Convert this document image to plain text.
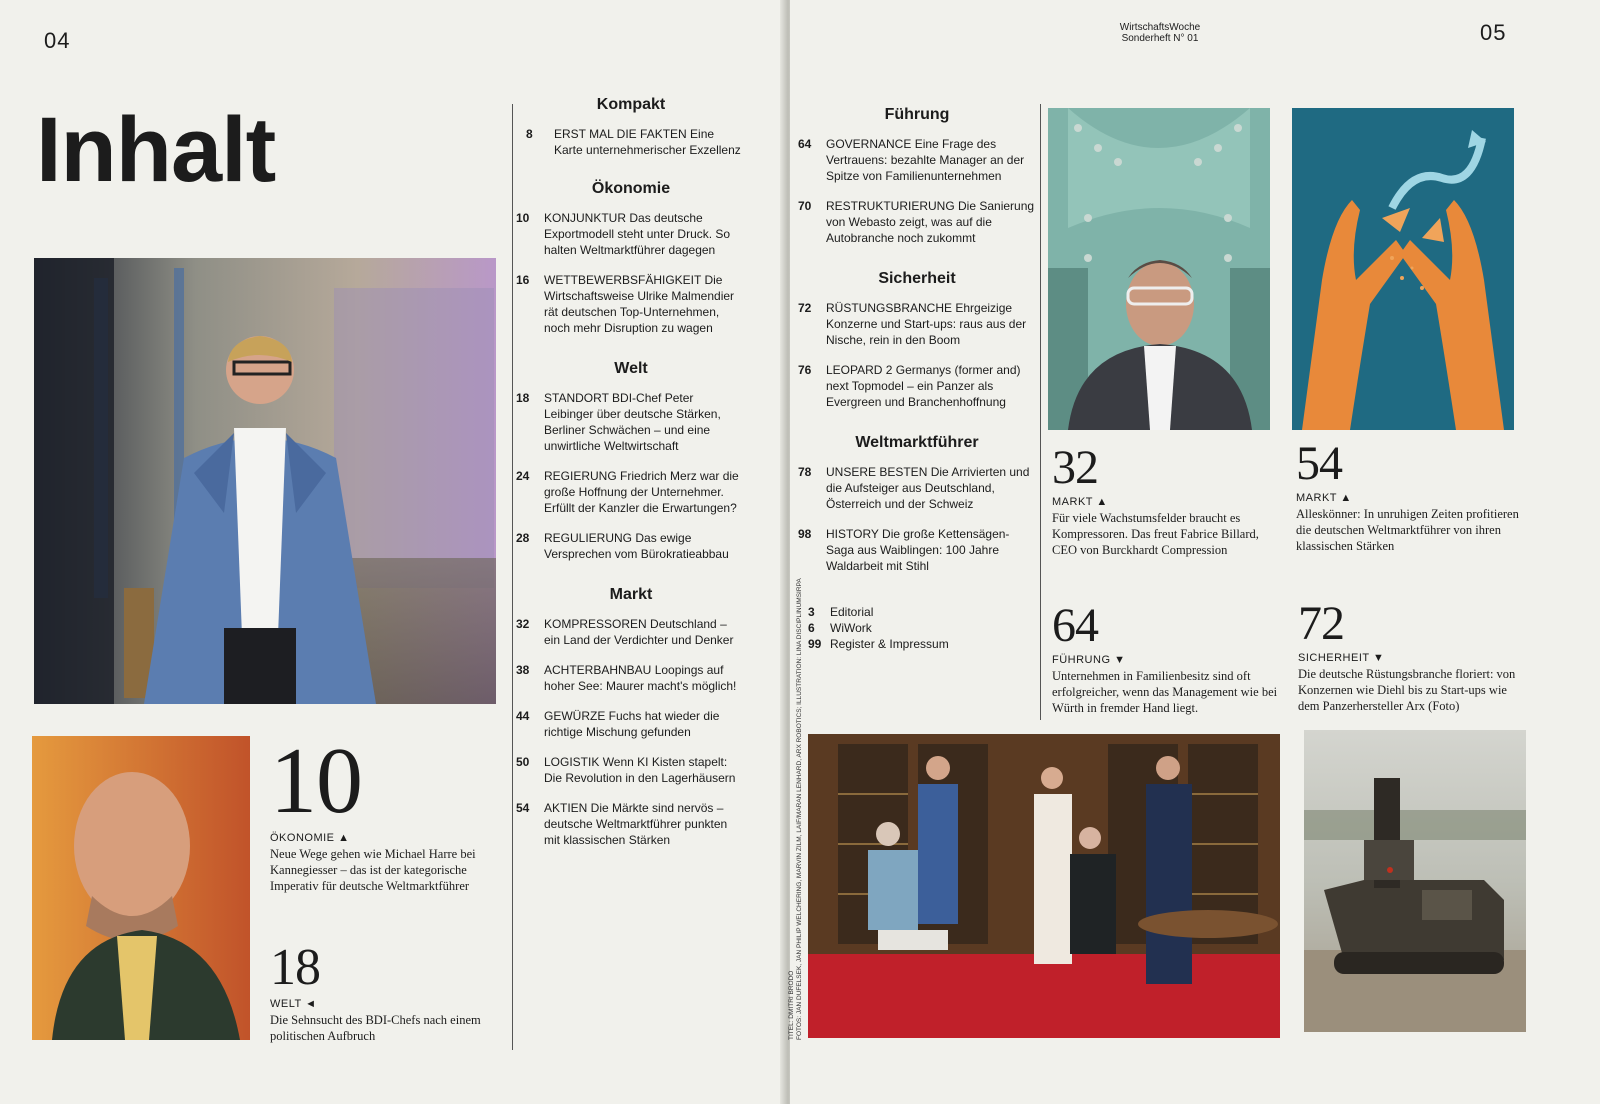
04
Inhalt
10
ÖKONOMIE ▲
Neue Wege gehen wie Michael Harre bei Kannegiesser – das ist der kategorische Imperativ für deutsche Weltmarktführer
18
WELT ◄
Die Sehnsucht des BDI-Chefs nach einem politischen Aufbruch
Kompakt
8	ERST MAL DIE FAKTEN Eine Karte unternehmerischer Exzellenz
Ökonomie
10	KONJUNKTUR Das deutsche Exportmodell steht unter Druck. So halten Weltmarktführer dagegen
16	WETTBEWERBSFÄHIGKEIT Die Wirtschaftsweise Ulrike Malmendier rät deutschen Top-Unternehmen, noch mehr Disruption zu wagen
Welt
18	STANDORT BDI-Chef Peter Leibinger über deutsche Stärken, Berliner Schwächen – und eine unwirtliche Weltwirtschaft
24	REGIERUNG Friedrich Merz war die große Hoffnung der Unternehmer. Erfüllt der Kanzler die Erwartungen?
28	REGULIERUNG Das ewige Versprechen vom Bürokratieabbau
Markt
32	KOMPRESSOREN Deutschland – ein Land der Verdichter und Denker
38	ACHTERBAHNBAU Loopings auf hoher See: Maurer macht's möglich!
44	GEWÜRZE Fuchs hat wieder die richtige Mischung gefunden
50	LOGISTIK Wenn KI Kisten stapelt: Die Revolution in den Lagerhäusern
54	AKTIEN Die Märkte sind nervös – deutsche Weltmarktführer punkten mit klassischen Stärken
WirtschaftsWoche
Sonderheft N° 01	05
Führung
64	GOVERNANCE Eine Frage des Vertrauens: bezahlte Manager an der Spitze von Familienunternehmen
70	RESTRUKTURIERUNG Die Sanierung von Webasto zeigt, was auf die Autobranche noch zukommt
Sicherheit
72	RÜSTUNGSBRANCHE Ehrgeizige Konzerne und Start-ups: raus aus der Nische, rein in den Boom
76	LEOPARD 2 Germanys (former and) next Topmodel – ein Panzer als Evergreen und Branchenhoffnung
Weltmarktführer
78	UNSERE BESTEN Die Arrivierten und die Aufsteiger aus Deutschland, Österreich und der Schweiz
98	HISTORY Die große Kettensägen-Saga aus Waiblingen: 100 Jahre Waldarbeit mit Stihl
3	Editorial
6	WiWork
99 Register & Impressum
32
MARKT ▲
Für viele Wachstumsfelder braucht es Kompressoren. Das freut Fabrice Billard, CEO von Burckhardt Compression
54
MARKT ▲
Alleskönner: In unruhigen Zeiten profitieren die deutschen Weltmarktführer von ihren klassischen Stärken
64
FÜHRUNG ▼
Unternehmen in Familienbesitz sind oft erfolgreicher, wenn das Management wie bei Würth in fremder Hand liegt.
72
SICHERHEIT ▼
Die deutsche Rüstungsbranche floriert: von Konzernen wie Diehl bis zu Start-ups wie dem Panzerhersteller Arx (Foto)
TITEL: DMITRI BRODO FOTOS: JAN DUFELSEK, JAN PHILIP WELCHERING, MARVIN ZILM, LAIF/MARAN LENHARD, ARX ROBOTICS; ILLUSTRATION: LINA DISCIPLINUMSIRPA
